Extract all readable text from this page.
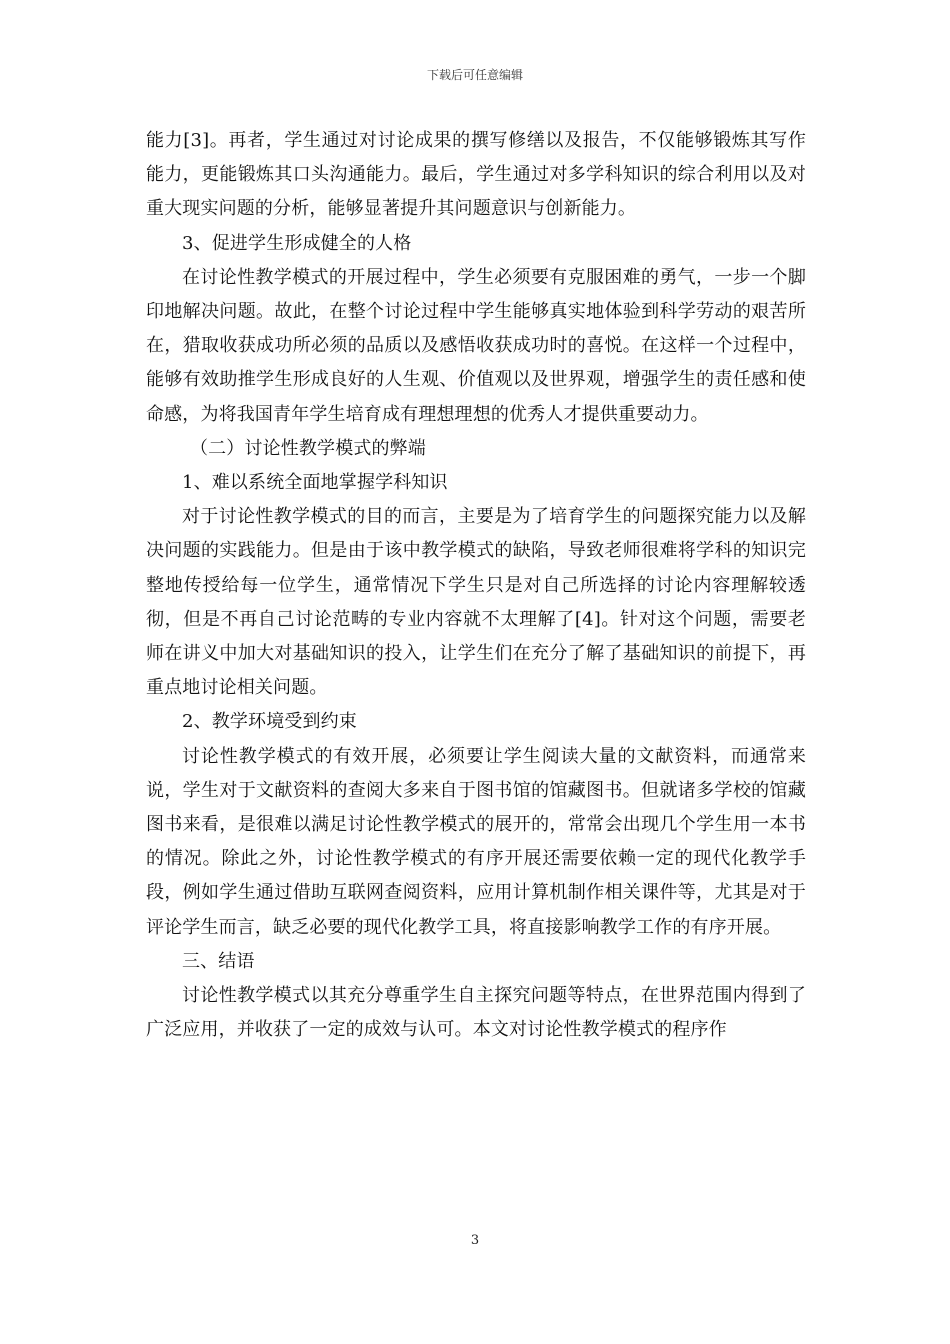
下载后可任意编辑

能力[3]。再者，学生通过对讨论成果的撰写修缮以及报告，不仅能够锻炼其写作能力，更能锻炼其口头沟通能力。最后，学生通过对多学科知识的综合利用以及对重大现实问题的分析，能够显著提升其问题意识与创新能力。

3、促进学生形成健全的人格

在讨论性教学模式的开展过程中，学生必须要有克服困难的勇气，一步一个脚印地解决问题。故此，在整个讨论过程中学生能够真实地体验到科学劳动的艰苦所在，猎取收获成功所必须的品质以及感悟收获成功时的喜悦。在这样一个过程中，能够有效助推学生形成良好的人生观、价值观以及世界观，增强学生的责任感和使命感，为将我国青年学生培育成有理想理想的优秀人才提供重要动力。

（二）讨论性教学模式的弊端

1、难以系统全面地掌握学科知识

对于讨论性教学模式的目的而言，主要是为了培育学生的问题探究能力以及解决问题的实践能力。但是由于该中教学模式的缺陷，导致老师很难将学科的知识完整地传授给每一位学生，通常情况下学生只是对自己所选择的讨论内容理解较透彻，但是不再自己讨论范畴的专业内容就不太理解了[4]。针对这个问题，需要老师在讲义中加大对基础知识的投入，让学生们在充分了解了基础知识的前提下，再重点地讨论相关问题。

2、教学环境受到约束

讨论性教学模式的有效开展，必须要让学生阅读大量的文献资料，而通常来说，学生对于文献资料的查阅大多来自于图书馆的馆藏图书。但就诸多学校的馆藏图书来看，是很难以满足讨论性教学模式的展开的，常常会出现几个学生用一本书的情况。除此之外，讨论性教学模式的有序开展还需要依赖一定的现代化教学手段，例如学生通过借助互联网查阅资料，应用计算机制作相关课件等，尤其是对于评论学生而言，缺乏必要的现代化教学工具，将直接影响教学工作的有序开展。

三、结语

讨论性教学模式以其充分尊重学生自主探究问题等特点，在世界范围内得到了广泛应用，并收获了一定的成效与认可。本文对讨论性教学模式的程序作

3
